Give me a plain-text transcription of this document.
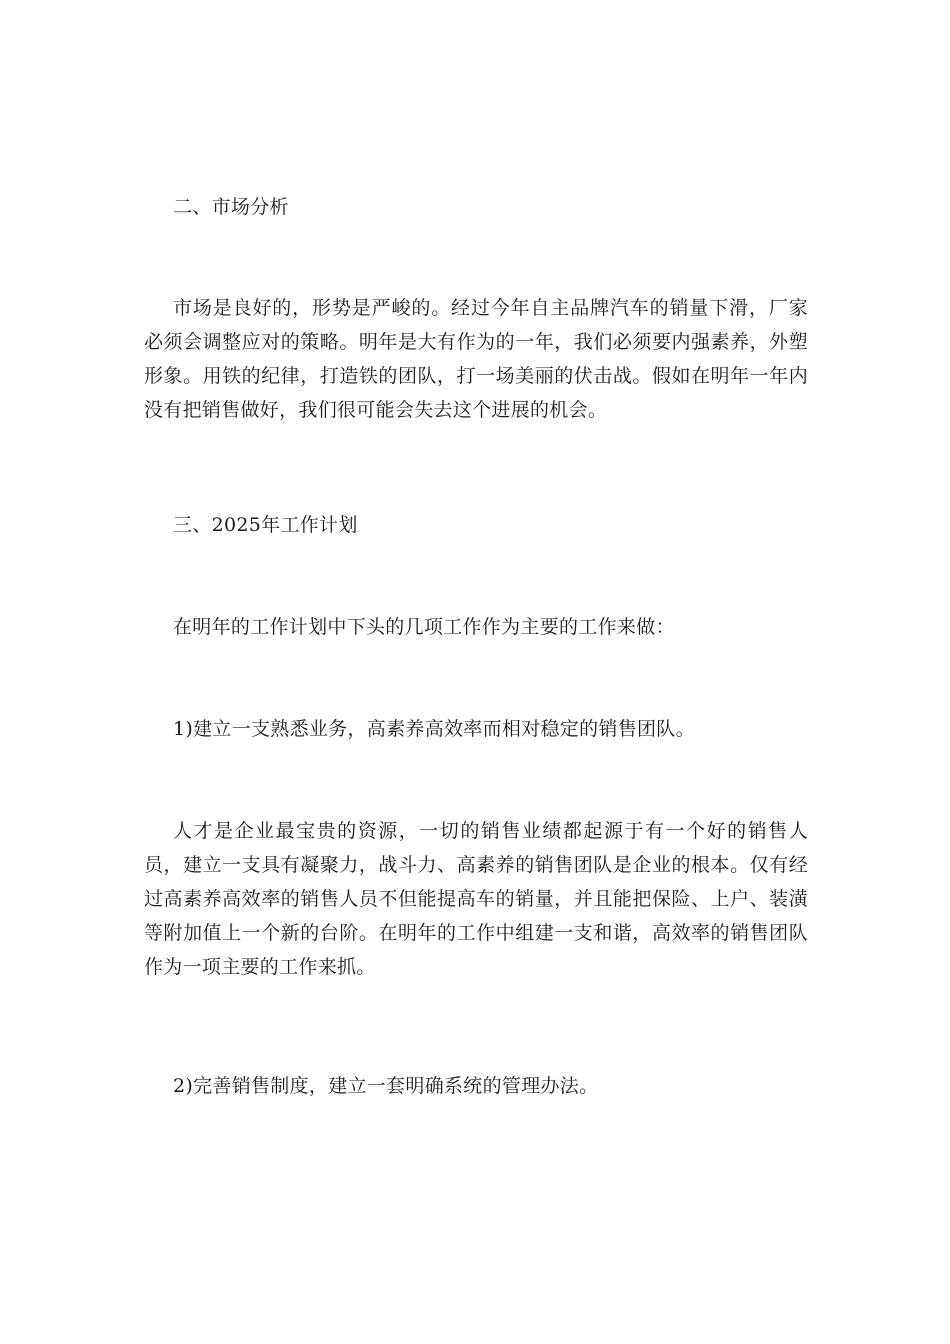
二、市场分析

市场是良好的，形势是严峻的。经过今年自主品牌汽车的销量下滑，厂家必须会调整应对的策略。明年是大有作为的一年，我们必须要内强素养，外塑形象。用铁的纪律，打造铁的团队，打一场美丽的伏击战。假如在明年一年内没有把销售做好，我们很可能会失去这个进展的机会。

三、2025年工作计划

在明年的工作计划中下头的几项工作作为主要的工作来做：

1)建立一支熟悉业务，高素养高效率而相对稳定的销售团队。

人才是企业最宝贵的资源，一切的销售业绩都起源于有一个好的销售人员，建立一支具有凝聚力，战斗力、高素养的销售团队是企业的根本。仅有经过高素养高效率的销售人员不但能提高车的销量，并且能把保险、上户、装潢等附加值上一个新的台阶。在明年的工作中组建一支和谐，高效率的销售团队作为一项主要的工作来抓。

2)完善销售制度，建立一套明确系统的管理办法。
